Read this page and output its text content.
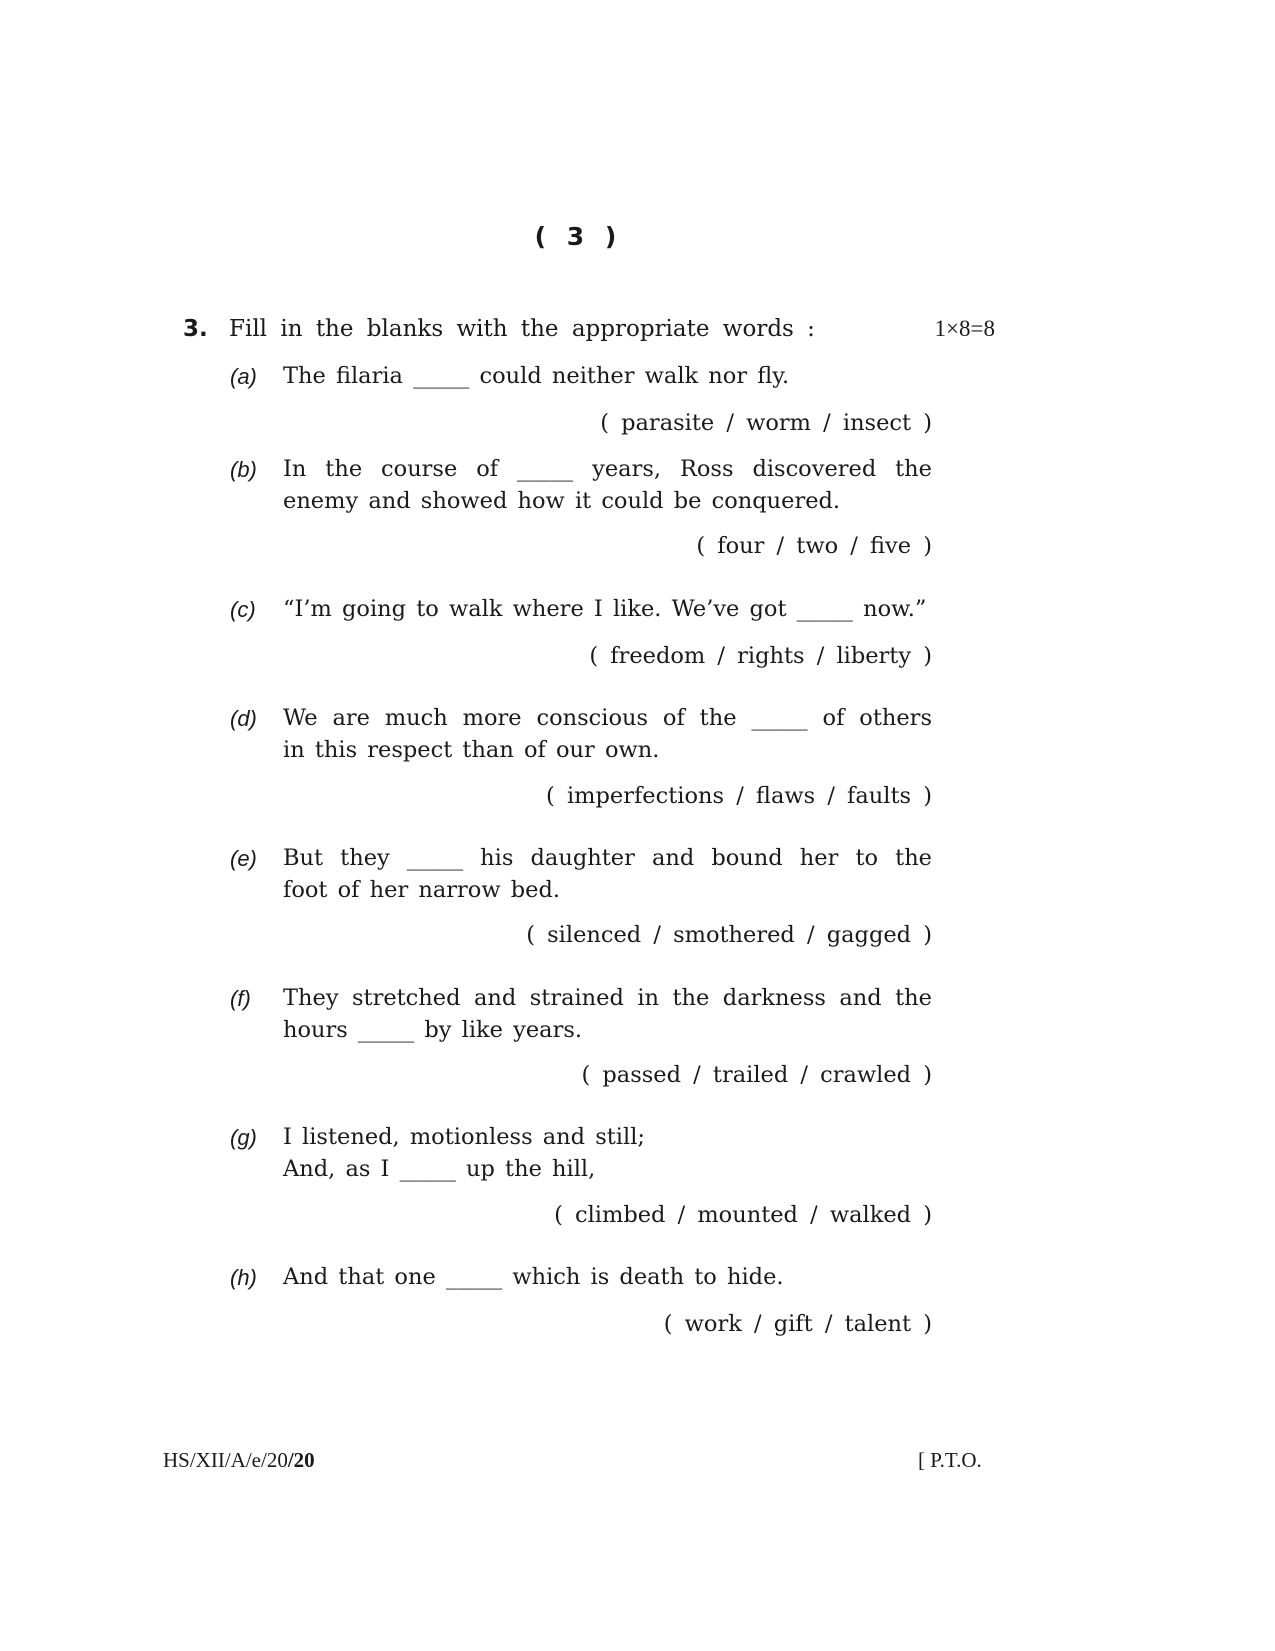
( 3 )
3. Fill in the blanks with the appropriate words :	1×8=8
(a) The filaria _____ could neither walk nor fly.
( parasite / worm / insect )
(b) In the course of _____ years, Ross discovered the
enemy and showed how it could be conquered.
( four / two / five )
(c) “I’m going to walk where I like. We’ve got _____ now.”
( freedom / rights / liberty )
(d) We are much more conscious of the _____ of others
in this respect than of our own.
( imperfections / flaws / faults )
(e) But they _____ his daughter and bound her to the
foot of her narrow bed.
( silenced / smothered / gagged )
(f) They stretched and strained in the darkness and the
hours _____ by like years.
( passed / trailed / crawled )
(g) I listened, motionless and still;
And, as I _____ up the hill,
( climbed / mounted / walked )
(h) And that one _____ which is death to hide.
( work / gift / talent )
HS/XII/A/e/20/20	[ P.T.O.
